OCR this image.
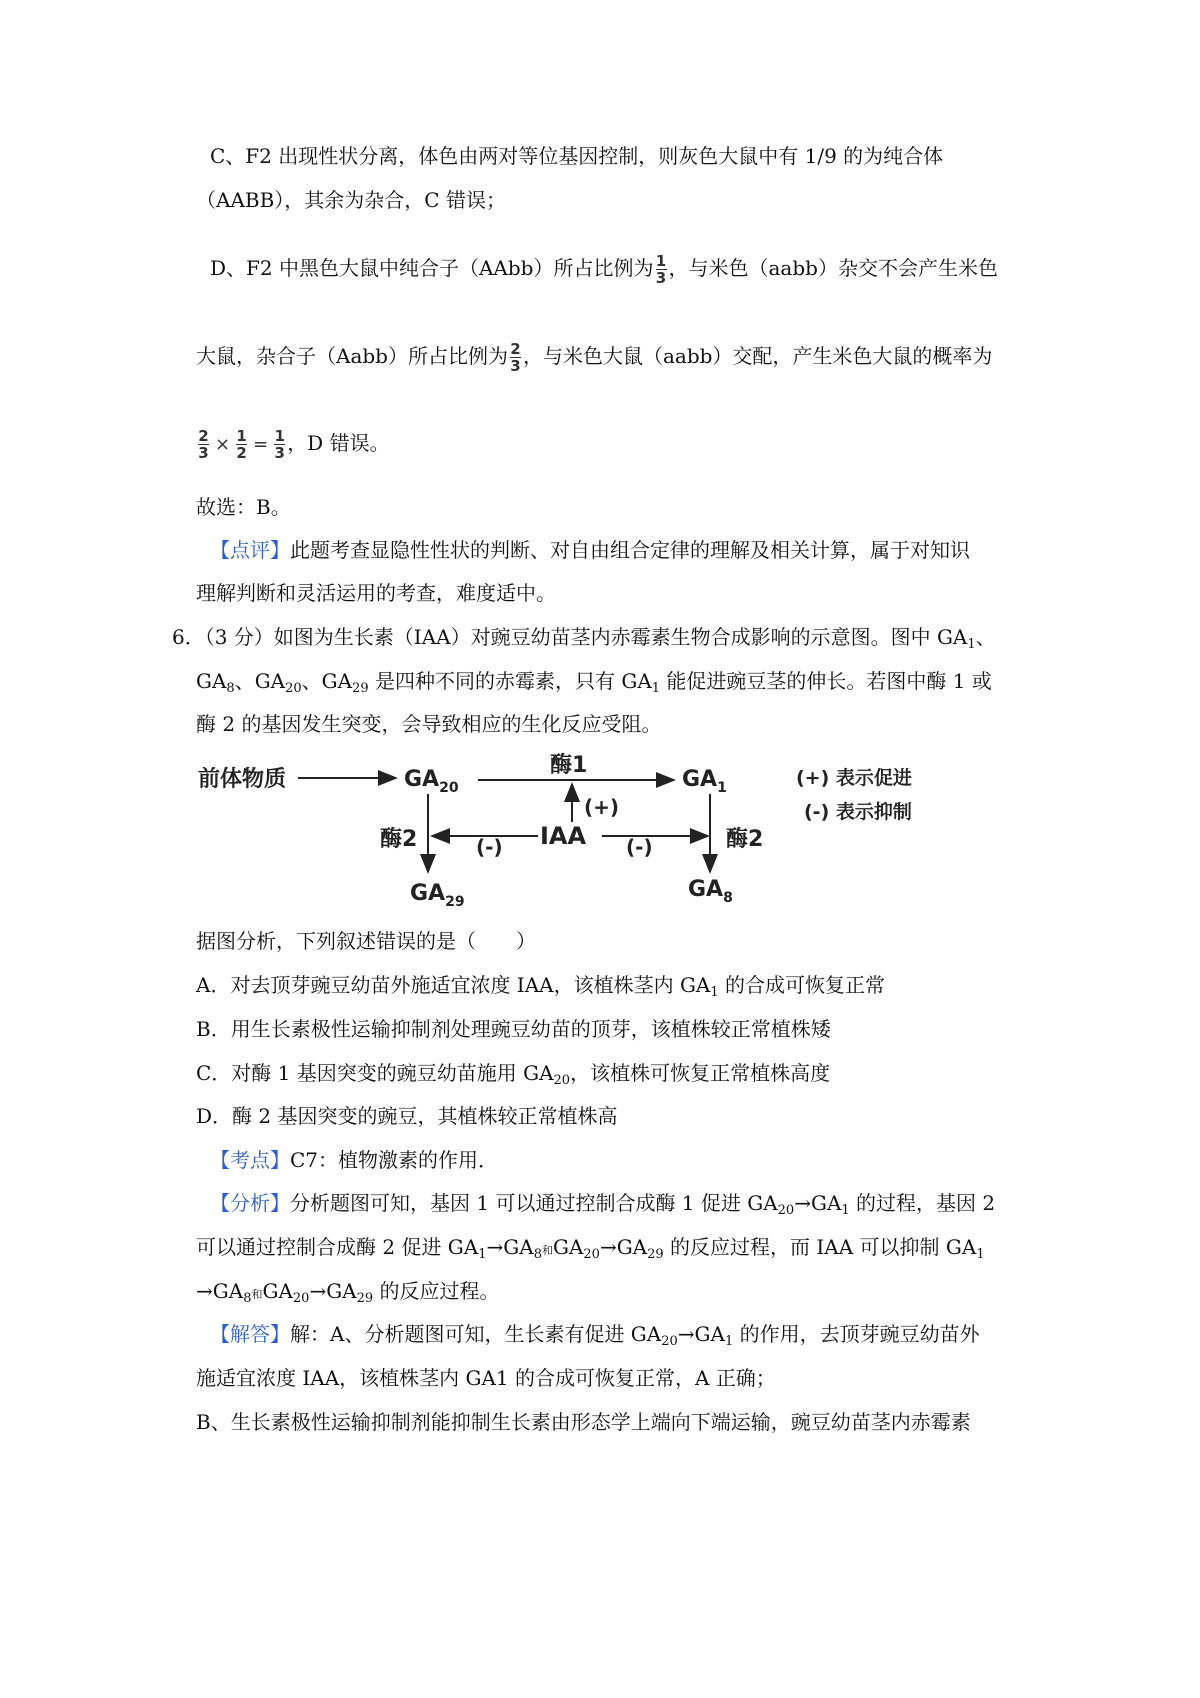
C、F2 出现性状分离，体色由两对等位基因控制，则灰色大鼠中有 1/9 的为纯合体
（AABB），其余为杂合，C 错误；
D、F2 中黑色大鼠中纯合子（AAbb）所占比例为 $\frac{1}{3}$ ，与米色（aabb）杂交不会产生米色
大鼠，杂合子（Aabb）所占比例为 $\frac{2}{3}$ ，与米色大鼠（aabb）交配，产生米色大鼠的概率为
$\frac{2}{3} \times \frac{1}{2} = \frac{1}{3}$ ，D 错误。
故选：B。
【点评】此题考查显隐性性状的判断、对自由组合定律的理解及相关计算，属于对知识
理解判断和灵活运用的考查，难度适中。
6．（3 分）如图为生长素（IAA）对豌豆幼苗茎内赤霉素生物合成影响的示意图。图中 $GA_1$、
$GA_8$、$GA_{20}$、$GA_{29}$ 是四种不同的赤霉素，只有 $GA_1$ 能促进豌豆茎的伸长。若图中酶 1 或
酶 2 的基因发生突变，会导致相应的生化反应受阻。
前体物质	$GA_{20}$
酶1
$GA_1$
(+)
IAA
(-)	(-)
酶2
$GA_{29}$
酶2
$GA_8$
(+) 表示促进
(-) 表示抑制
据图分析，下列叙述错误的是（　　）
A．对去顶芽豌豆幼苗外施适宜浓度 IAA，该植株茎内 $GA_1$ 的合成可恢复正常
B．用生长素极性运输抑制剂处理豌豆幼苗的顶芽，该植株较正常植株矮
C．对酶 1 基因突变的豌豆幼苗施用 $GA_{20}$，该植株可恢复正常植株高度
D．酶 2 基因突变的豌豆，其植株较正常植株高
【考点】C7：植物激素的作用．
【分析】分析题图可知，基因 1 可以通过控制合成酶 1 促进 $GA_{20}\to GA_1$ 的过程，基因 2
可以通过控制合成酶 2 促进 $GA_1\to GA_8$和$GA_{20}\to GA_{29}$ 的反应过程，而 IAA 可以抑制 $GA_1$
$\to GA_8$和$GA_{20}\to GA_{29}$ 的反应过程。
【解答】解：A、分析题图可知，生长素有促进 $GA_{20}\to GA_1$ 的作用，去顶芽豌豆幼苗外
施适宜浓度 IAA，该植株茎内 GA1 的合成可恢复正常，A 正确；
B、生长素极性运输抑制剂能抑制生长素由形态学上端向下端运输，豌豆幼苗茎内赤霉素
